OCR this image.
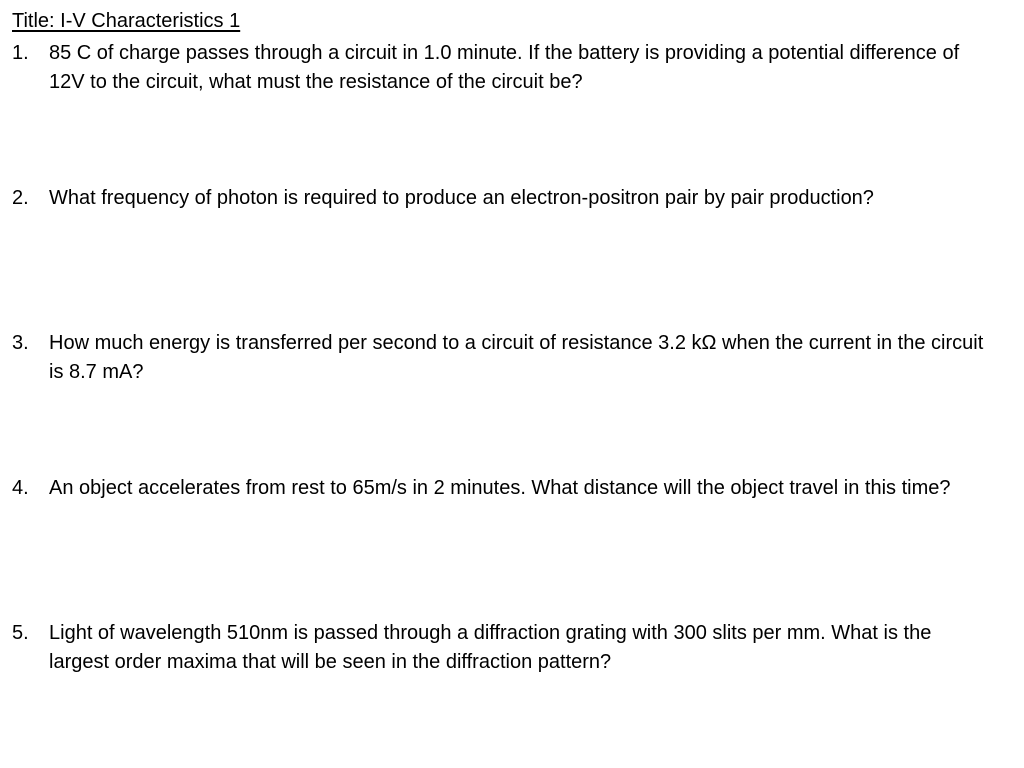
Title: I-V Characteristics 1
1.	85 C of charge passes through a circuit in 1.0 minute. If the battery is providing a potential difference of 12V to the circuit, what must the resistance of the circuit be?
2.	What frequency of photon is required to produce an electron-positron pair by pair production?
3.	How much energy is transferred per second to a circuit of resistance 3.2 kΩ when the current in the circuit is 8.7 mA?
4.	An object accelerates from rest to 65m/s in 2 minutes. What distance will the object travel in this time?
5.	Light of wavelength 510nm is passed through a diffraction grating with 300 slits per mm. What is the largest order maxima that will be seen in the diffraction pattern?
